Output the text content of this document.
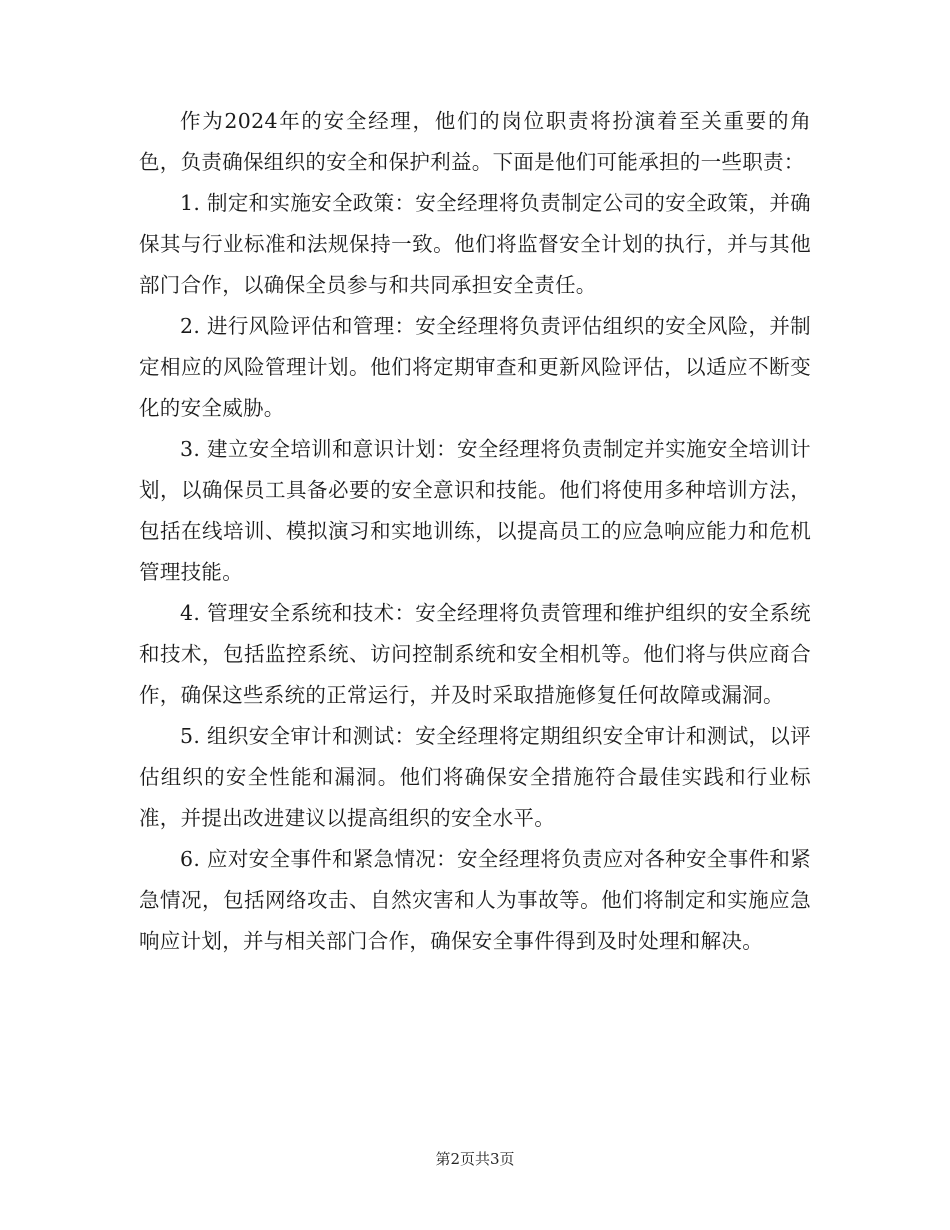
作为2024年的安全经理，他们的岗位职责将扮演着至关重要的角色，负责确保组织的安全和保护利益。下面是他们可能承担的一些职责：

1. 制定和实施安全政策：安全经理将负责制定公司的安全政策，并确保其与行业标准和法规保持一致。他们将监督安全计划的执行，并与其他部门合作，以确保全员参与和共同承担安全责任。

2. 进行风险评估和管理：安全经理将负责评估组织的安全风险，并制定相应的风险管理计划。他们将定期审查和更新风险评估，以适应不断变化的安全威胁。

3. 建立安全培训和意识计划：安全经理将负责制定并实施安全培训计划，以确保员工具备必要的安全意识和技能。他们将使用多种培训方法，包括在线培训、模拟演习和实地训练，以提高员工的应急响应能力和危机管理技能。

4. 管理安全系统和技术：安全经理将负责管理和维护组织的安全系统和技术，包括监控系统、访问控制系统和安全相机等。他们将与供应商合作，确保这些系统的正常运行，并及时采取措施修复任何故障或漏洞。

5. 组织安全审计和测试：安全经理将定期组织安全审计和测试，以评估组织的安全性能和漏洞。他们将确保安全措施符合最佳实践和行业标准，并提出改进建议以提高组织的安全水平。

6. 应对安全事件和紧急情况：安全经理将负责应对各种安全事件和紧急情况，包括网络攻击、自然灾害和人为事故等。他们将制定和实施应急响应计划，并与相关部门合作，确保安全事件得到及时处理和解决。

第2页共3页
